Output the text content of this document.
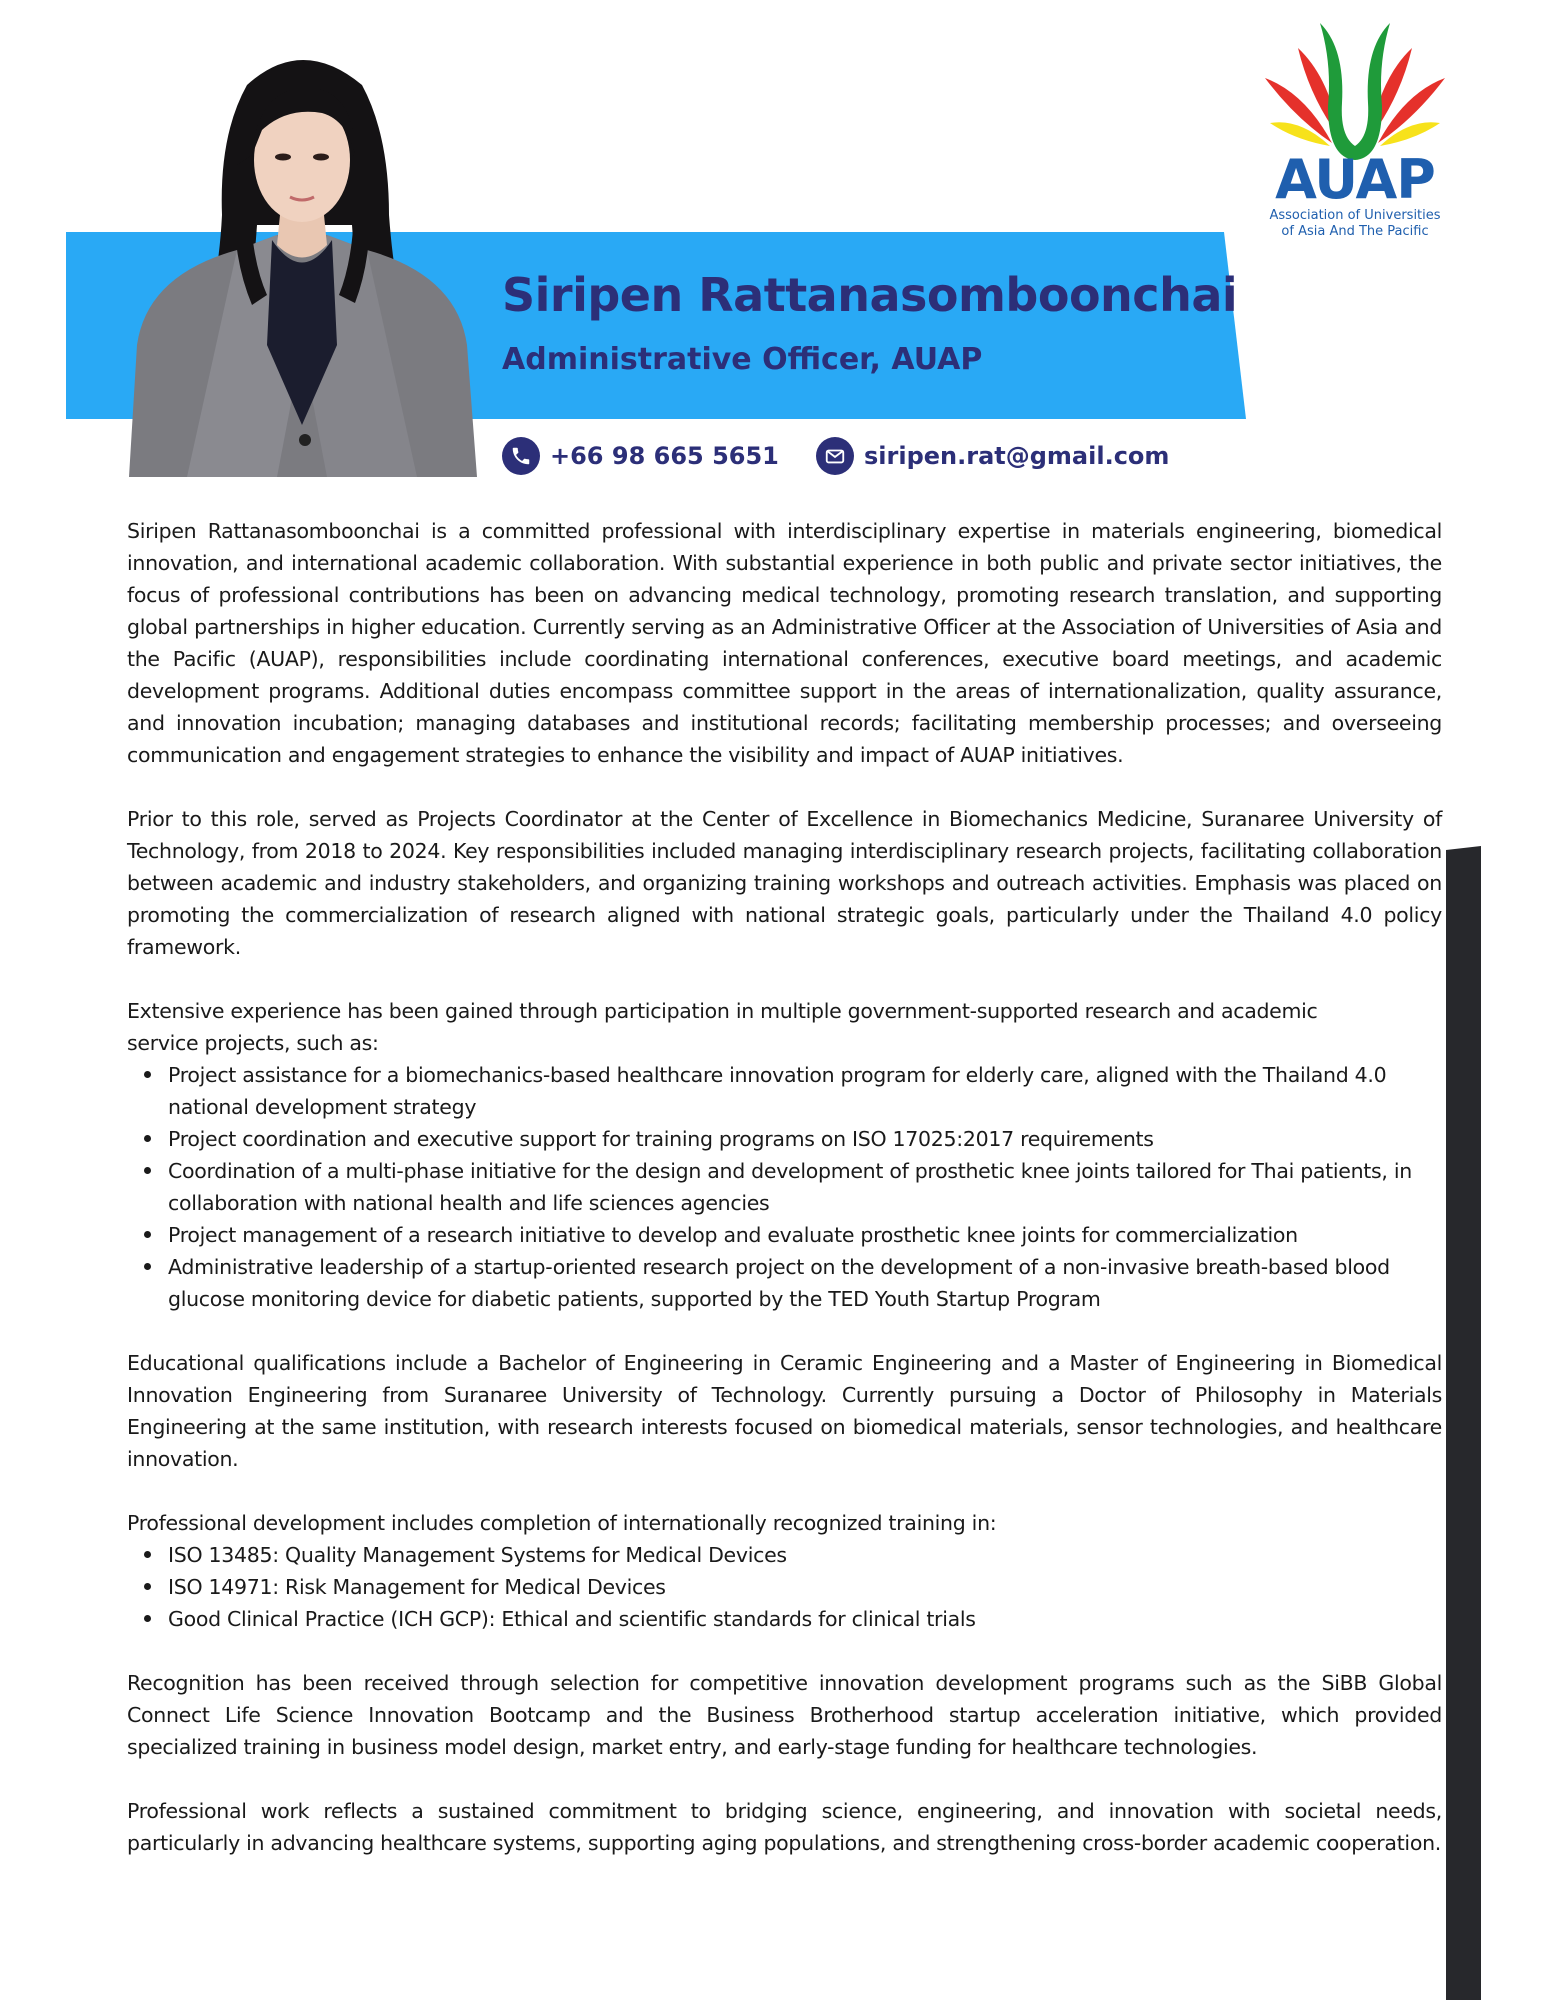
AUAP
Association of Universities
of Asia And The Pacific
Siripen Rattanasomboonchai
Administrative Officer, AUAP
+66 98 665 5651	siripen.rat@gmail.com

Siripen Rattanasomboonchai is a committed professional with interdisciplinary expertise in materials engineering, biomedical innovation, and international academic collaboration. With substantial experience in both public and private sector initiatives, the focus of professional contributions has been on advancing medical technology, promoting research translation, and supporting global partnerships in higher education. Currently serving as an Administrative Officer at the Association of Universities of Asia and the Pacific (AUAP), responsibilities include coordinating international conferences, executive board meetings, and academic development programs. Additional duties encompass committee support in the areas of internationalization, quality assurance, and innovation incubation; managing databases and institutional records; facilitating membership processes; and overseeing communication and engagement strategies to enhance the visibility and impact of AUAP initiatives.

Prior to this role, served as Projects Coordinator at the Center of Excellence in Biomechanics Medicine, Suranaree University of Technology, from 2018 to 2024. Key responsibilities included managing interdisciplinary research projects, facilitating collaboration between academic and industry stakeholders, and organizing training workshops and outreach activities. Emphasis was placed on promoting the commercialization of research aligned with national strategic goals, particularly under the Thailand 4.0 policy framework.

Extensive experience has been gained through participation in multiple government-supported research and academic
service projects, such as:

Project assistance for a biomechanics-based healthcare innovation program for elderly care, aligned with the Thailand 4.0 national development strategy
Project coordination and executive support for training programs on ISO 17025:2017 requirements
Coordination of a multi-phase initiative for the design and development of prosthetic knee joints tailored for Thai patients, in collaboration with national health and life sciences agencies
Project management of a research initiative to develop and evaluate prosthetic knee joints for commercialization
Administrative leadership of a startup-oriented research project on the development of a non-invasive breath-based blood glucose monitoring device for diabetic patients, supported by the TED Youth Startup Program

Educational qualifications include a Bachelor of Engineering in Ceramic Engineering and a Master of Engineering in Biomedical Innovation Engineering from Suranaree University of Technology. Currently pursuing a Doctor of Philosophy in Materials Engineering at the same institution, with research interests focused on biomedical materials, sensor technologies, and healthcare innovation.

Professional development includes completion of internationally recognized training in:

ISO 13485: Quality Management Systems for Medical Devices
ISO 14971: Risk Management for Medical Devices
Good Clinical Practice (ICH GCP): Ethical and scientific standards for clinical trials

Recognition has been received through selection for competitive innovation development programs such as the SiBB Global Connect Life Science Innovation Bootcamp and the Business Brotherhood startup acceleration initiative, which provided specialized training in business model design, market entry, and early-stage funding for healthcare technologies.

Professional work reflects a sustained commitment to bridging science, engineering, and innovation with societal needs, particularly in advancing healthcare systems, supporting aging populations, and strengthening cross-border academic cooperation.
